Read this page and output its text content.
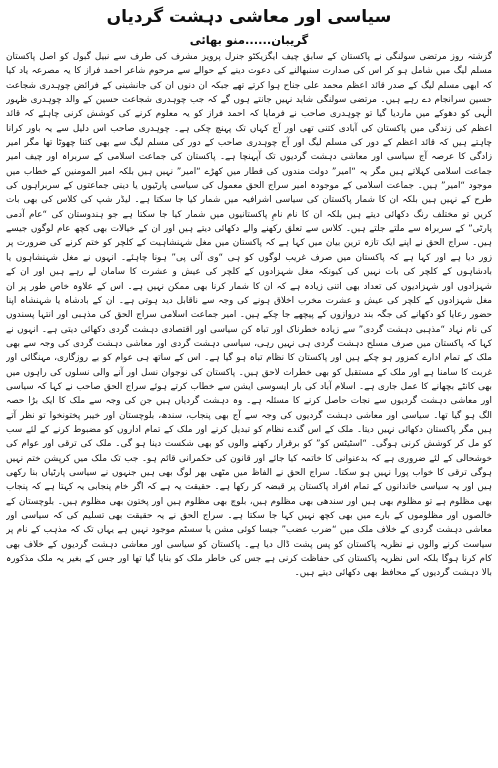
سیاسی اور معاشی دہشت گردیاں
گریبان......منو بھائی

گزشتہ روز مرتضی سولنگی نے پاکستان کے سابق چیف ایگزیکٹو جنرل پرویز مشرف کی طرف سے نبیل گبول کو اصل پاکستان مسلم لیگ میں شامل ہو کر اس کی صدارت سنبھالنے کی دعوت دینے کے حوالے سے مرحوم شاعر احمد فراز کا یہ مصرعہ یاد کیا کہ ابھی مسلم لیگ کے صدر قائد اعظم محمد علی جناح ہوا کرتے تھے جبکہ ان دنوں ان کی جانشینی کے فرائض چوہدری شجاعت حسین سرانجام دے رہے ہیں۔ مرتضی سولنگی شاید نہیں جانتے ہوں گے کہ جب چوہدری شجاعت حسین کے والد چوہدری ظہور الٰہی کو دھوکے میں ماردیا گیا تو چوہدری صاحب نے فرمایا کہ احمد فراز کو یہ معلوم کرنے کی کوشش کرنی چاہئے کہ قائد اعظم کی زندگی میں پاکستان کی آبادی کتنی تھی اور آج کہاں تک پہنچ چکی ہے۔ چوہدری صاحب اس دلیل سے یہ باور کرانا چاہتے ہیں کہ قائد اعظم کے دور کی مسلم لیگ اور آج چوہدری صاحب کے دور کی مسلم لیگ سے بھی کتنا چھوٹا تھا مگر امیر زادگی کا عرصہ آج سیاسی اور معاشی دہشت گردیوں تک آپہنچا ہے۔ پاکستان کی جماعت اسلامی کے سربراہ اور چیف امیر جماعت اسلامی کہلاتے ہیں مگر یہ “امیر” دولت مندوں کی قطار میں کھڑے “امیر” نہیں ہیں بلکہ امیر المومنین کے خطاب میں موجود “امیر” ہیں۔ جماعت اسلامی کے موجودہ امیر سراج الحق معمول کی سیاسی پارٹیوں یا دینی جماعتوں کے سربراہوں کی طرح کے نہیں ہیں بلکہ ان کا شمار پاکستان کی سیاسی اشرافیہ میں شمار کیا جا سکتا ہے۔ لیڈر شپ کی کلاس کی بھی بات کریں تو مختلف رنگ دکھائی دیتے ہیں بلکہ ان کا نام نامِ پاکستانیوں میں شمار کیا جا سکتا ہے جو ہندوستان کی “عام آدمی پارٹی” کے سربراہ سے ملتے جلتے ہیں۔ کلاس سے تعلق رکھنے والے دکھائی دیتے ہیں اور ان کے خیالات بھی کچھ عام لوگوں جیسے ہیں۔ سراج الحق نے اپنے ایک تازہ ترین بیان میں کہا ہے کہ پاکستان میں مغل شہنشاہیت کے کلچر کو ختم کرنے کی ضرورت پر زور دیا ہے اور کہا ہے کہ پاکستان میں صرف غریب لوگوں کو ہی “وی آئی پی” ہونا چاہئے۔ انہوں نے مغل شہنشاہوں یا بادشاہوں کے کلچر کی بات نہیں کی کیونکہ مغل شہزادوں کے کلچر کی عیش و عشرت کا سامان لے رہے ہیں اور ان کے شہزادوں اور شہزادیوں کی تعداد بھی اتنی زیادہ ہے کہ ان کا شمار کرنا بھی ممکن نہیں ہے۔ اس کے علاوہ خاص طور پر ان مغل شہزادوں کے کلچر کی عیش و عشرت مخرب اخلاق ہونے کی وجہ سے ناقابل دید ہوتی ہے۔ ان کے بادشاہ یا شہنشاہ اپنا حضور رعایا کو دکھانے کی جگہ بند دروازوں کے پیچھے جا چکے ہیں۔ امیر جماعت اسلامی سراج الحق کی مذہبی اور انتہا پسندوں کی نام نہاد “مذہبی دہشت گردی” سے زیادہ خطرناک اور تباہ کن سیاسی اور اقتصادی دہشت گردی دکھائی دیتی ہے۔ انہوں نے کہا کہ پاکستان میں صرف مسلح دہشت گردی ہی نہیں رہی، سیاسی دہشت گردی اور معاشی دہشت گردی کی وجہ سے بھی ملک کے تمام ادارے کمزور ہو چکے ہیں اور پاکستان کا نظام تباہ ہو گیا ہے۔ اس کے ساتھ ہی عوام کو بے روزگاری، مہنگائی اور غربت کا سامنا ہے اور ملک کے مستقبل کو بھی خطرات لاحق ہیں۔ پاکستان کی نوجوان نسل اور آنے والی نسلوں کی راہوں میں بھی کانٹے بچھانے کا عمل جاری ہے۔ اسلام آباد کی بار ایسوسی ایشن سے خطاب کرتے ہوئے سراج الحق صاحب نے کہا کہ سیاسی اور معاشی دہشت گردیوں سے نجات حاصل کرنے کا مسئلہ ہے۔ وہ دہشت گردیاں ہیں جن کی وجہ سے ملک کا ایک بڑا حصہ الگ ہو گیا تھا۔ سیاسی اور معاشی دہشت گردیوں کی وجہ سے آج بھی پنجاب، سندھ، بلوچستان اور خیبر پختونخوا تو نظر آتے ہیں مگر پاکستان دکھائی نہیں دیتا۔ ملک کے اس گندے نظام کو تبدیل کرنے اور ملک کے تمام اداروں کو مضبوط کرنے کے لئے سب کو مل کر کوشش کرنی ہوگی۔ “اسٹیٹس کو” کو برقرار رکھنے والوں کو بھی شکست دینا ہو گی۔ ملک کی ترقی اور عوام کی خوشحالی کے لئے ضروری ہے کہ بدعنوانی کا خاتمہ کیا جائے اور قانون کی حکمرانی قائم ہو۔ جب تک ملک میں کرپشن ختم نہیں ہوگی ترقی کا خواب پورا نہیں ہو سکتا۔ سراج الحق نے الفاظ میں مٹھی بھر لوگ بھی ہیں جنہوں نے سیاسی پارٹیاں بنا رکھی ہیں اور یہ سیاسی خاندانوں کے تمام افراد پاکستان پر قبضہ کر رکھا ہے۔ حقیقت یہ ہے کہ اگر خام پنجابی یہ کہتا ہے کہ پنجاب بھی مظلوم ہے تو مظلوم بھی ہیں اور سندھی بھی مظلوم ہیں، بلوچ بھی مظلوم ہیں اور پختون بھی مظلوم ہیں۔ بلوچستان کے خالصوں اور مظلوموں کے بارے میں بھی کچھ نہیں کہا جا سکتا ہے۔ سراج الحق نے یہ حقیقت بھی تسلیم کی کہ سیاسی اور معاشی دہشت گردی کے خلاف ملک میں “ضرب عضب” جیسا کوئی مشن یا سسٹم موجود نہیں ہے یہاں تک کہ مذہب کے نام پر سیاست کرنے والوں نے نظریہ پاکستان کو پس پشت ڈال دیا ہے۔ پاکستان کو سیاسی اور معاشی دہشت گردیوں کے خلاف بھی کام کرنا ہوگا بلکہ اس نظریہ پاکستان کی حفاظت کرنی ہے جس کی خاطر ملک کو بنایا گیا تھا اور جس کے بغیر یہ ملک مذکورہ بالا دہشت گردیوں کے محافظ بھی دکھائی دیتے ہیں۔
